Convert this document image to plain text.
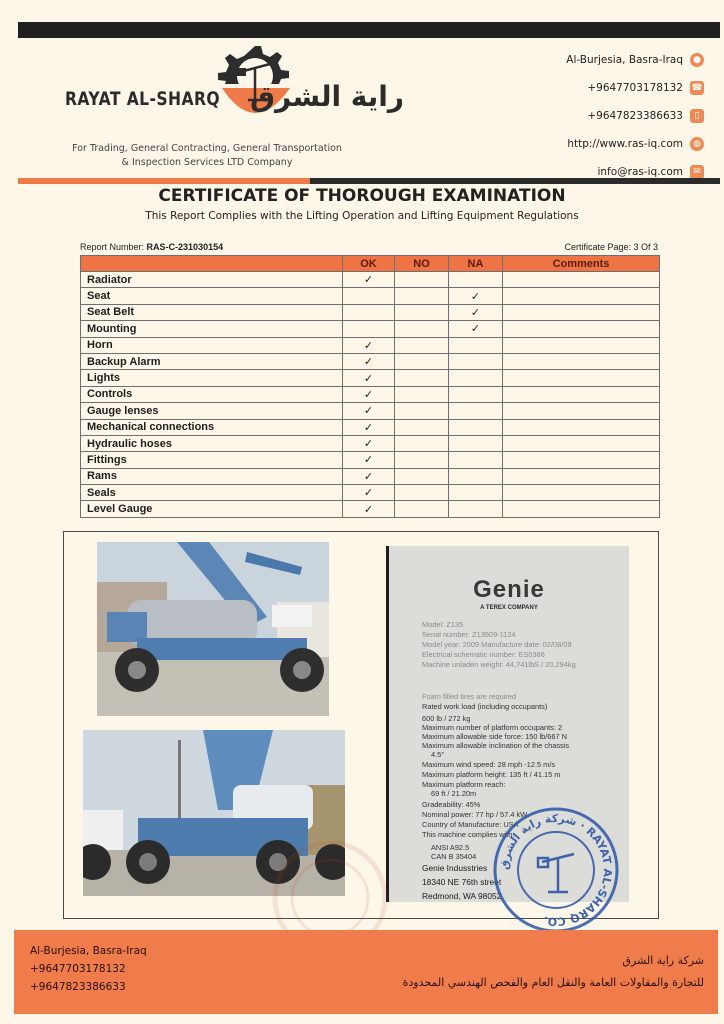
RAYAT AL-SHARQ راية الشرق
For Trading, General Contracting, General Transportation
& Inspection Services LTD Company
Al-Burjesia, Basra-Iraq	●
+9647703178132 ☎
+9647823386633	▯
http://www.ras-iq.com	◍
info@ras-iq.com	✉
CERTIFICATE OF THOROUGH EXAMINATION
This Report Complies with the Lifting Operation and Lifting Equipment Regulations
Report Number: RAS-C-231030154	Certificate Page: 3 Of 3
	OK	NO	NA	Comments
Radiator	✓			
Seat			✓	
Seat Belt			✓	
Mounting			✓	
Horn	✓			
Backup Alarm	✓			
Lights	✓			
Controls	✓			
Gauge lenses	✓			
Mechanical connections	✓			
Hydraulic hoses	✓			
Fittings	✓			
Rams	✓			
Seals	✓			
Level Gauge	✓			
Genie
A TEREX COMPANY
Model: Z135
Serial number: Z13509-1124
Model year: 2009 Manufacture date: 02/08/09
Electrical schematic number: ES0366
Machine unladen weight: 44,741lbS / 20,294kg
Foam filled tires are required
Rated work load (including occupants)
600 lb / 272 kg
Maximum number of platform occupants: 2
Maximum allowable side force: 150 lb/667 N
Maximum allowable inclination of the chassis
4.5°
Maximum wind speed: 28 mph -12.5 m/s
Maximum platform height: 135 ft / 41.15 m
Maximum platform reach:
69 ft / 21.20m
Gradeability: 45%
Nominal power: 77 hp / 57.4 kW
Country of Manufacture: USA
This machine complies with:
ANSI A92.5
CAN B 35404
Genie Indusstries
18340 NE 76th street
Redmond, WA 98052
شركة راية الشرق · RAYAT AL-SHARQ CO.
Al-Burjesia, Basra-Iraq
+9647703178132
+9647823386633
شركة راية الشرق
للتجارة والمقاولات العامة والنقل العام والفحص الهندسي المحدودة
